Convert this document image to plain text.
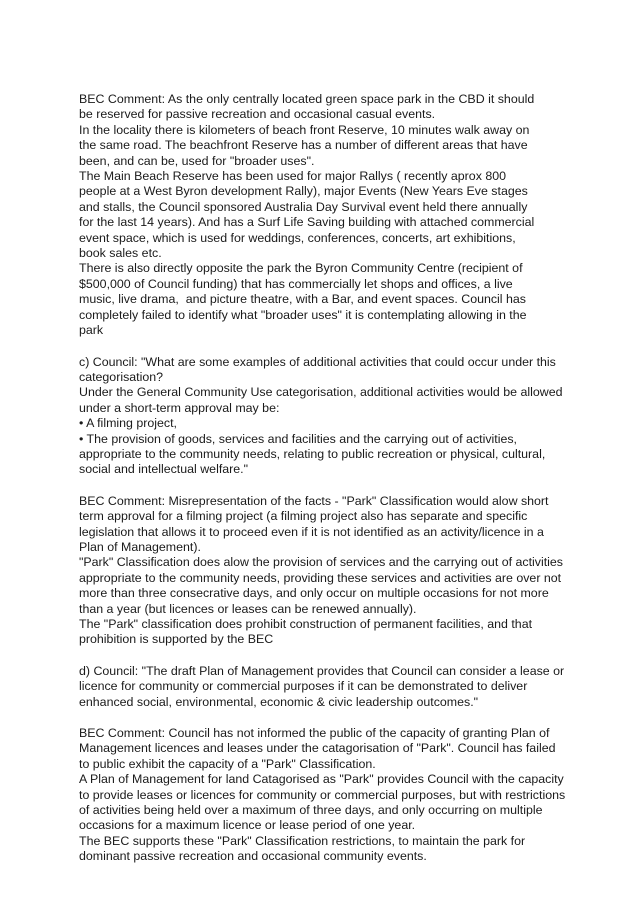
BEC Comment: As the only centrally located green space park in the CBD it should
be reserved for passive recreation and occasional casual events.
In the locality there is kilometers of beach front Reserve, 10 minutes walk away on
the same road. The beachfront Reserve has a number of different areas that have
been, and can be, used for "broader uses".
The Main Beach Reserve has been used for major Rallys ( recently aprox 800
people at a West Byron development Rally), major Events (New Years Eve stages
and stalls, the Council sponsored Australia Day Survival event held there annually
for the last 14 years). And has a Surf Life Saving building with attached commercial
event space, which is used for weddings, conferences, concerts, art exhibitions,
book sales etc.
There is also directly opposite the park the Byron Community Centre (recipient of
$500,000 of Council funding) that has commercially let shops and offices, a live
music, live drama,  and picture theatre, with a Bar, and event spaces. Council has
completely failed to identify what "broader uses" it is contemplating allowing in the
park
c) Council: "What are some examples of additional activities that could occur under this
categorisation?
Under the General Community Use categorisation, additional activities would be allowed
under a short-term approval may be:
• A filming project,
• The provision of goods, services and facilities and the carrying out of activities,
appropriate to the community needs, relating to public recreation or physical, cultural,
social and intellectual welfare."
BEC Comment: Misrepresentation of the facts - "Park" Classification would alow short
term approval for a filming project (a filming project also has separate and specific
legislation that allows it to proceed even if it is not identified as an activity/licence in a
Plan of Management).
"Park" Classification does alow the provision of services and the carrying out of activities
appropriate to the community needs, providing these services and activities are over not
more than three consecrative days, and only occur on multiple occasions for not more
than a year (but licences or leases can be renewed annually).
The "Park" classification does prohibit construction of permanent facilities, and that
prohibition is supported by the BEC
d) Council: "The draft Plan of Management provides that Council can consider a lease or
licence for community or commercial purposes if it can be demonstrated to deliver
enhanced social, environmental, economic & civic leadership outcomes."
BEC Comment: Council has not informed the public of the capacity of granting Plan of
Management licences and leases under the catagorisation of "Park". Council has failed
to public exhibit the capacity of a "Park" Classification.
A Plan of Management for land Catagorised as "Park" provides Council with the capacity
to provide leases or licences for community or commercial purposes, but with restrictions
of activities being held over a maximum of three days, and only occurring on multiple
occasions for a maximum licence or lease period of one year.
The BEC supports these "Park" Classification restrictions, to maintain the park for
dominant passive recreation and occasional community events.
